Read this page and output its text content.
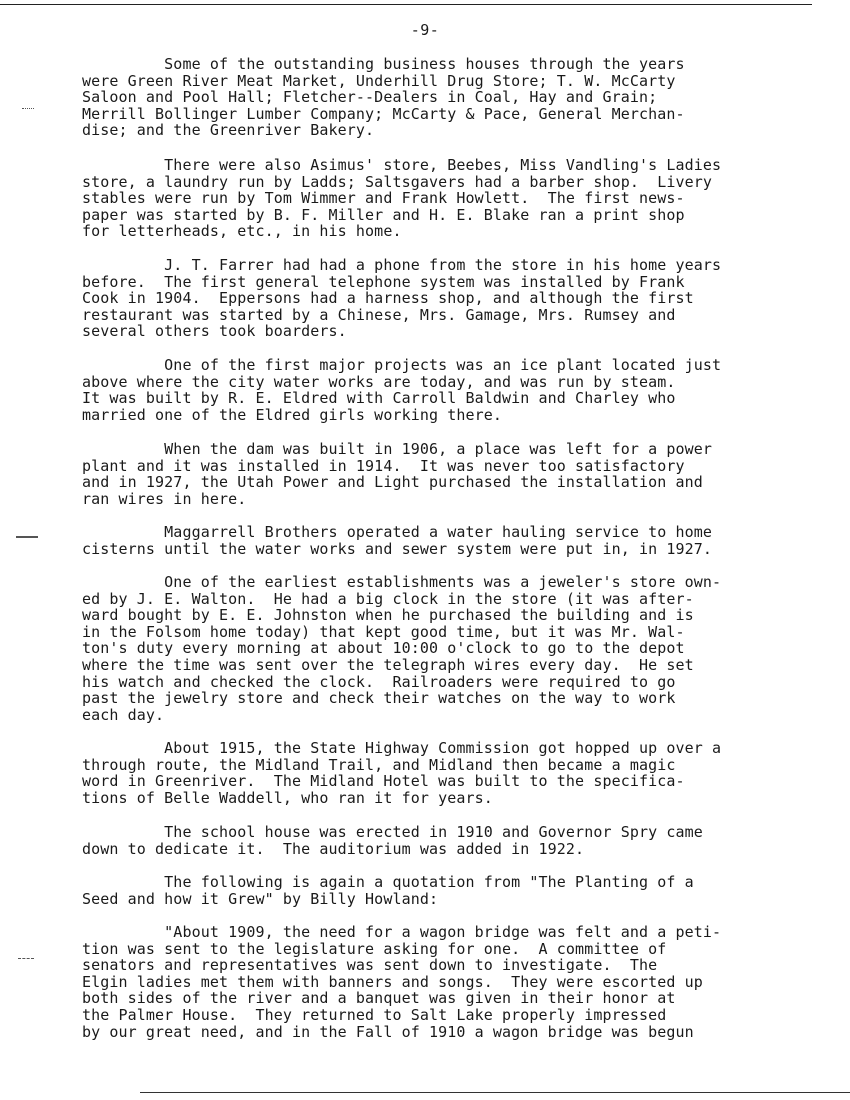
-9-

Some of the outstanding business houses through the years
were Green River Meat Market, Underhill Drug Store; T. W. McCarty
Saloon and Pool Hall; Fletcher--Dealers in Coal, Hay and Grain;
Merrill Bollinger Lumber Company; McCarty & Pace, General Merchan-
dise; and the Greenriver Bakery.

There were also Asimus' store, Beebes, Miss Vandling's Ladies
store, a laundry run by Ladds; Saltsgavers had a barber shop.  Livery
stables were run by Tom Wimmer and Frank Howlett.  The first news-
paper was started by B. F. Miller and H. E. Blake ran a print shop
for letterheads, etc., in his home.

J. T. Farrer had had a phone from the store in his home years
before.  The first general telephone system was installed by Frank
Cook in 1904.  Eppersons had a harness shop, and although the first
restaurant was started by a Chinese, Mrs. Gamage, Mrs. Rumsey and
several others took boarders.

One of the first major projects was an ice plant located just
above where the city water works are today, and was run by steam.
It was built by R. E. Eldred with Carroll Baldwin and Charley who
married one of the Eldred girls working there.

When the dam was built in 1906, a place was left for a power
plant and it was installed in 1914.  It was never too satisfactory
and in 1927, the Utah Power and Light purchased the installation and
ran wires in here.

Maggarrell Brothers operated a water hauling service to home
cisterns until the water works and sewer system were put in, in 1927.

One of the earliest establishments was a jeweler's store own-
ed by J. E. Walton.  He had a big clock in the store (it was after-
ward bought by E. E. Johnston when he purchased the building and is
in the Folsom home today) that kept good time, but it was Mr. Wal-
ton's duty every morning at about 10:00 o'clock to go to the depot
where the time was sent over the telegraph wires every day.  He set
his watch and checked the clock.  Railroaders were required to go
past the jewelry store and check their watches on the way to work
each day.

About 1915, the State Highway Commission got hopped up over a
through route, the Midland Trail, and Midland then became a magic
word in Greenriver.  The Midland Hotel was built to the specifica-
tions of Belle Waddell, who ran it for years.

The school house was erected in 1910 and Governor Spry came
down to dedicate it.  The auditorium was added in 1922.

The following is again a quotation from "The Planting of a
Seed and how it Grew" by Billy Howland:

"About 1909, the need for a wagon bridge was felt and a peti-
tion was sent to the legislature asking for one.  A committee of
senators and representatives was sent down to investigate.  The
Elgin ladies met them with banners and songs.  They were escorted up
both sides of the river and a banquet was given in their honor at
the Palmer House.  They returned to Salt Lake properly impressed
by our great need, and in the Fall of 1910 a wagon bridge was begun
